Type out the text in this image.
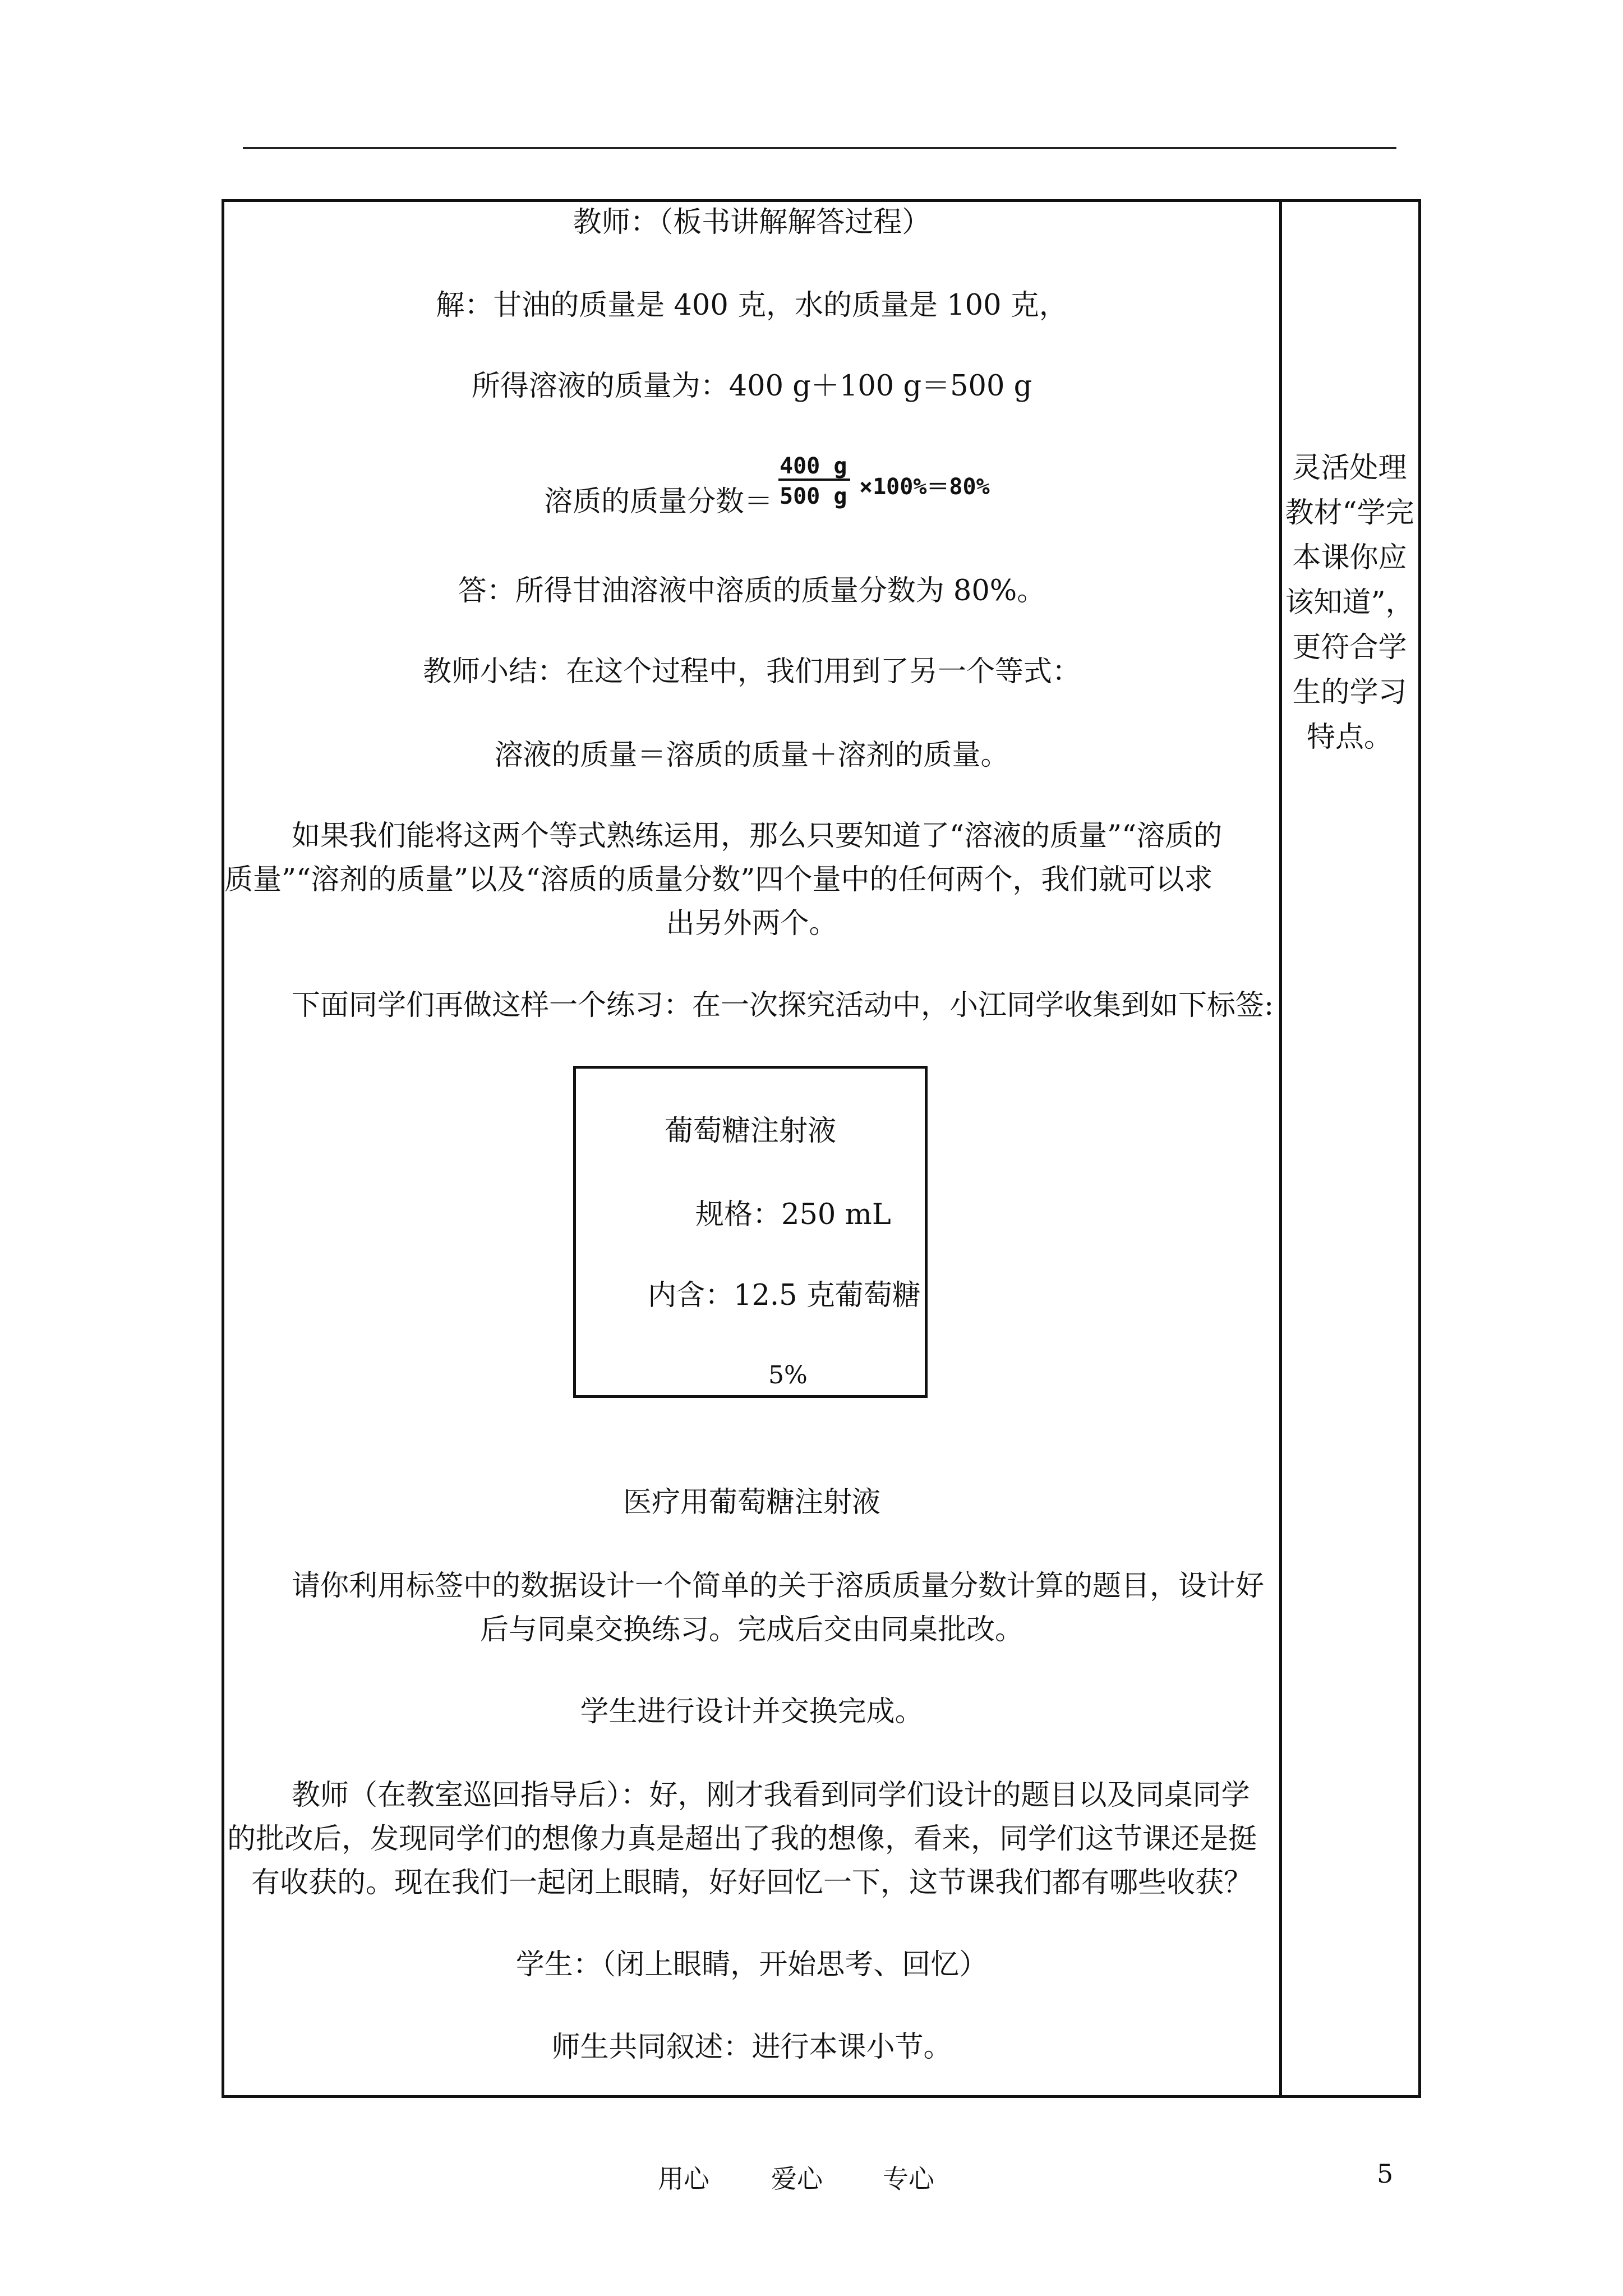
教师：（板书讲解解答过程）
解：甘油的质量是 400 克，水的质量是 100 克，
所得溶液的质量为：400 g＋100 g＝500 g
溶质的质量分数＝
400 g
500 g ×100%＝80%
答：所得甘油溶液中溶质的质量分数为 80%。
教师小结：在这个过程中，我们用到了另一个等式：
溶液的质量＝溶质的质量＋溶剂的质量。
如果我们能将这两个等式熟练运用，那么只要知道了“溶液的质量”“溶质的
质量”“溶剂的质量”以及“溶质的质量分数”四个量中的任何两个，我们就可以求
出另外两个。
下面同学们再做这样一个练习：在一次探究活动中，小江同学收集到如下标签:
葡萄糖注射液
规格：250 mL
内含：12.5 克葡萄糖
5%
医疗用葡萄糖注射液
请你利用标签中的数据设计一个简单的关于溶质质量分数计算的题目，设计好
后与同桌交换练习。完成后交由同桌批改。
学生进行设计并交换完成。
教师（在教室巡回指导后）：好，刚才我看到同学们设计的题目以及同桌同学
的批改后，发现同学们的想像力真是超出了我的想像，看来，同学们这节课还是挺
有收获的。现在我们一起闭上眼睛，好好回忆一下，这节课我们都有哪些收获？
学生：（闭上眼睛，开始思考、回忆）
师生共同叙述：进行本课小节。
灵活处理
教材“学完
本课你应
该知道”，
更符合学
生的学习
特点。
用心 爱心 专心	5
